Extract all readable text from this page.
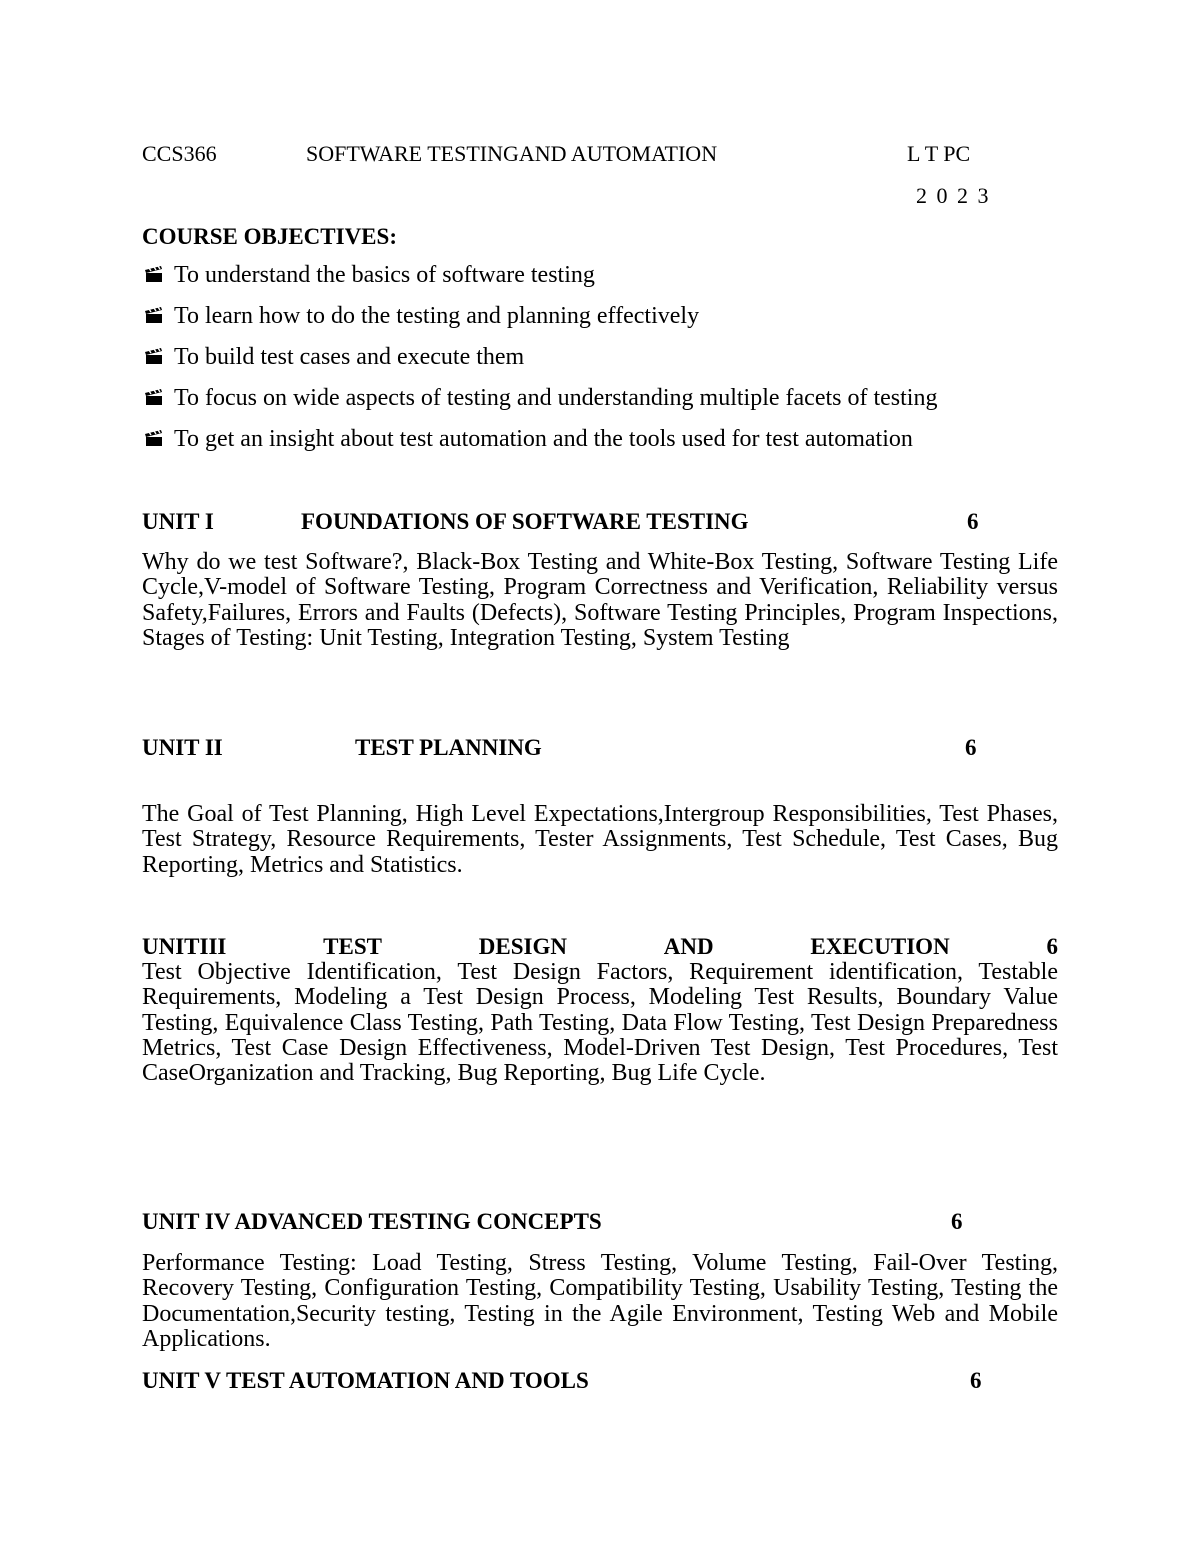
CCS366	SOFTWARE TESTINGAND AUTOMATION	L T PC
2 0 2 3
COURSE OBJECTIVES:
To understand the basics of software testing
To learn how to do the testing and planning effectively
To build test cases and execute them
To focus on wide aspects of testing and understanding multiple facets of testing
To get an insight about test automation and the tools used for test automation
UNIT I	FOUNDATIONS OF SOFTWARE TESTING	6
Why do we test Software?, Black-Box Testing and White-Box Testing, Software Testing Life Cycle,V-model of Software Testing, Program Correctness and Verification, Reliability versus Safety,Failures, Errors and Faults (Defects), Software Testing Principles, Program Inspections, Stages of Testing: Unit Testing, Integration Testing, System Testing
UNIT II	TEST PLANNING	6
The Goal of Test Planning, High Level Expectations,Intergroup Responsibilities, Test Phases, Test Strategy, Resource Requirements, Tester Assignments, Test Schedule, Test Cases, Bug Reporting, Metrics and Statistics.
UNITIII	TEST	DESIGN	AND	EXECUTION	6
Test Objective Identification, Test Design Factors, Requirement identification, Testable Requirements, Modeling a Test Design Process, Modeling Test Results, Boundary Value Testing, Equivalence Class Testing, Path Testing, Data Flow Testing, Test Design Preparedness Metrics, Test Case Design Effectiveness, Model-Driven Test Design, Test Procedures, Test CaseOrganization and Tracking, Bug Reporting, Bug Life Cycle.
UNIT IV ADVANCED TESTING CONCEPTS	6
Performance Testing: Load Testing, Stress Testing, Volume Testing, Fail-Over Testing, Recovery Testing, Configuration Testing, Compatibility Testing, Usability Testing, Testing the Documentation,Security testing, Testing in the Agile Environment, Testing Web and Mobile Applications.
UNIT V TEST AUTOMATION AND TOOLS	6
